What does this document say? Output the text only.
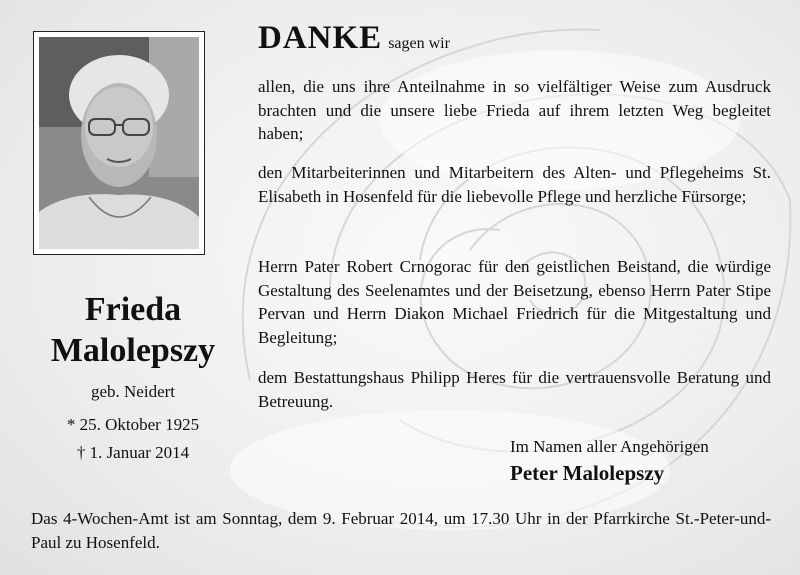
Frieda
Malolepszy
geb. Neidert
* 25. Oktober 1925
† 1. Januar 2014
DANKE sagen wir
allen, die uns ihre Anteilnahme in so vielfältiger Weise zum Ausdruck brachten und die unsere liebe Frieda auf ihrem letzten Weg begleitet haben;
den Mitarbeiterinnen und Mitarbeitern des Alten- und Pflegeheims St. Elisabeth in Hosenfeld für die liebevolle Pflege und herzliche Fürsorge;
Herrn Pater Robert Crnogorac für den geistlichen Beistand, die würdige Gestaltung des Seelenamtes und der Beisetzung, ebenso Herrn Pater Stipe Pervan und Herrn Diakon Michael Friedrich für die Mitgestaltung und Begleitung;
dem Bestattungshaus Philipp Heres für die vertrauensvolle Beratung und Betreuung.
Im Namen aller Angehörigen
Peter Malolepszy
Das 4-Wochen-Amt ist am Sonntag, dem 9. Februar 2014, um 17.30 Uhr in der Pfarrkirche St.-Peter-und-Paul zu Hosenfeld.
